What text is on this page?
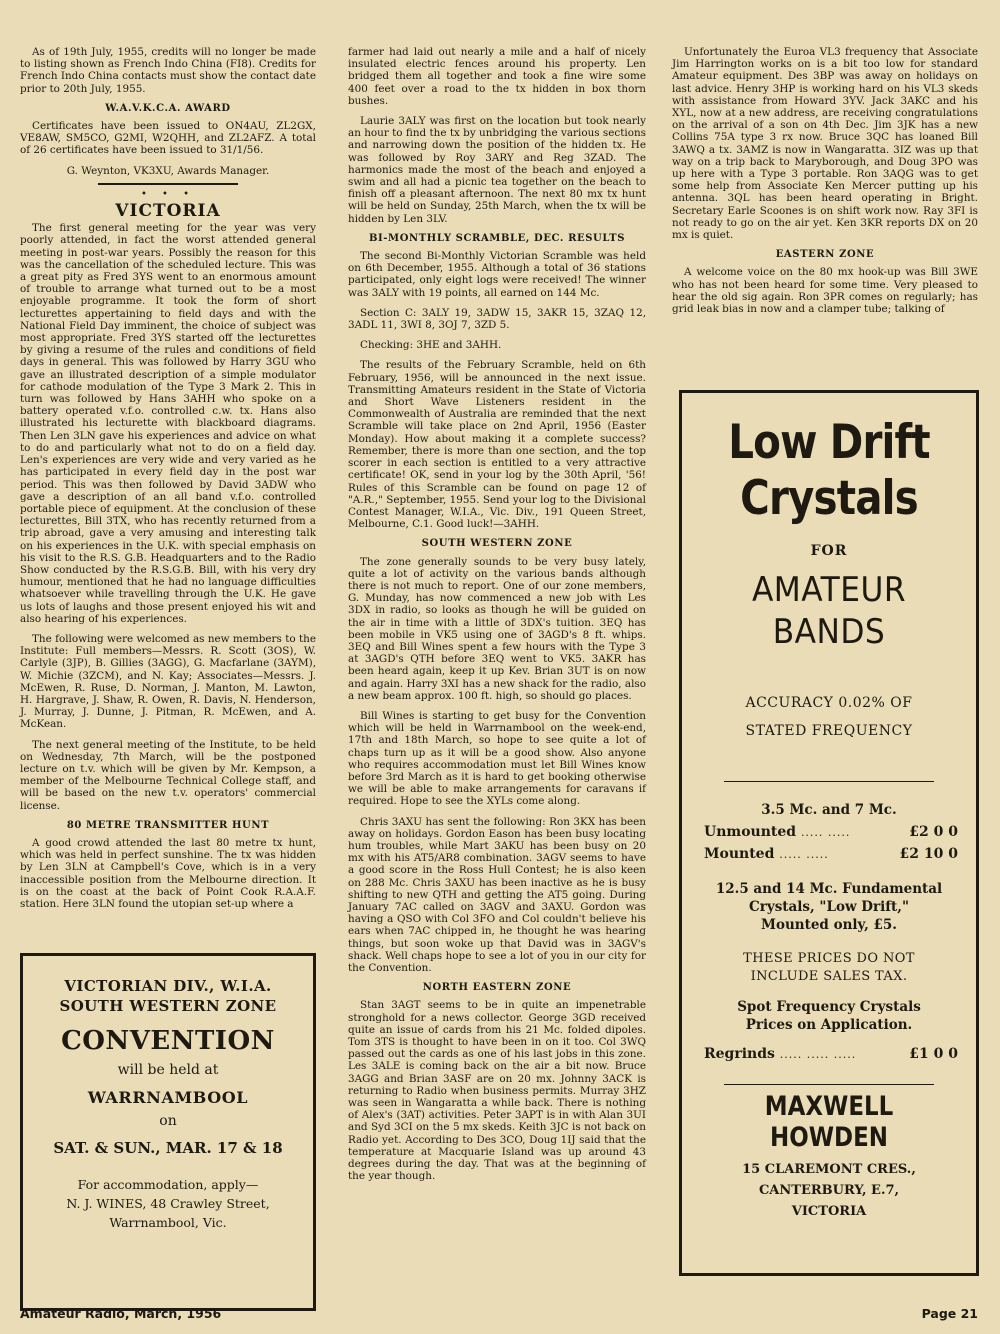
As of 19th July, 1955, credits will no longer be made to listing shown as French Indo China (FI8). Credits for French Indo China contacts must show the contact date prior to 20th July, 1955.

W.A.V.K.C.A. AWARD

Certificates have been issued to ON4AU, ZL2GX, VE8AW, SM5CO, G2MI, W2QHH, and ZL2AFZ. A total of 26 certificates have been issued to 31/1/56.

G. Weynton, VK3XU, Awards Manager.

• • •
VICTORIA

The first general meeting for the year was very poorly attended, in fact the worst attended general meeting in post-war years. Possibly the reason for this was the cancellation of the scheduled lecture. This was a great pity as Fred 3YS went to an enormous amount of trouble to arrange what turned out to be a most enjoyable programme. It took the form of short lecturettes appertaining to field days and with the National Field Day imminent, the choice of subject was most appropriate. Fred 3YS started off the lecturettes by giving a resume of the rules and conditions of field days in general. This was followed by Harry 3GU who gave an illustrated description of a simple modulator for cathode modulation of the Type 3 Mark 2. This in turn was followed by Hans 3AHH who spoke on a battery operated v.f.o. controlled c.w. tx. Hans also illustrated his lecturette with blackboard diagrams. Then Len 3LN gave his experiences and advice on what to do and particularly what not to do on a field day. Len's experiences are very wide and very varied as he has participated in every field day in the post war period. This was then followed by David 3ADW who gave a description of an all band v.f.o. controlled portable piece of equipment. At the conclusion of these lecturettes, Bill 3TX, who has recently returned from a trip abroad, gave a very amusing and interesting talk on his experiences in the U.K. with special emphasis on his visit to the R.S. G.B. Headquarters and to the Radio Show conducted by the R.S.G.B. Bill, with his very dry humour, mentioned that he had no language difficulties whatsoever while travelling through the U.K. He gave us lots of laughs and those present enjoyed his wit and also hearing of his experiences.

The following were welcomed as new members to the Institute: Full members—Messrs. R. Scott (3OS), W. Carlyle (3JP), B. Gillies (3AGG), G. Macfarlane (3AYM), W. Michie (3ZCM), and N. Kay; Associates—Messrs. J. McEwen, R. Ruse, D. Norman, J. Manton, M. Lawton, H. Hargrave, J. Shaw, R. Owen, R. Davis, N. Henderson, J. Murray, J. Dunne, J. Pitman, R. McEwen, and A. McKean.

The next general meeting of the Institute, to be held on Wednesday, 7th March, will be the postponed lecture on t.v. which will be given by Mr. Kempson, a member of the Melbourne Technical College staff, and will be based on the new t.v. operators' commercial license.

80 METRE TRANSMITTER HUNT

A good crowd attended the last 80 metre tx hunt, which was held in perfect sunshine. The tx was hidden by Len 3LN at Campbell's Cove, which is in a very inaccessible position from the Melbourne direction. It is on the coast at the back of Point Cook R.A.A.F. station. Here 3LN found the utopian set-up where a

VICTORIAN DIV., W.I.A.
SOUTH WESTERN ZONE
CONVENTION
will be held at
WARRNAMBOOL
on
SAT. & SUN., MAR. 17 & 18
For accommodation, apply—
N. J. WINES, 48 Crawley Street,
Warrnambool, Vic.

farmer had laid out nearly a mile and a half of nicely insulated electric fences around his property. Len bridged them all together and took a fine wire some 400 feet over a road to the tx hidden in box thorn bushes.

Laurie 3ALY was first on the location but took nearly an hour to find the tx by unbridging the various sections and narrowing down the position of the hidden tx. He was followed by Roy 3ARY and Reg 3ZAD. The harmonics made the most of the beach and enjoyed a swim and all had a picnic tea together on the beach to finish off a pleasant afternoon. The next 80 mx tx hunt will be held on Sunday, 25th March, when the tx will be hidden by Len 3LV.

BI-MONTHLY SCRAMBLE, DEC. RESULTS

The second Bi-Monthly Victorian Scramble was held on 6th December, 1955. Although a total of 36 stations participated, only eight logs were received! The winner was 3ALY with 19 points, all earned on 144 Mc.

Section C: 3ALY 19, 3ADW 15, 3AKR 15, 3ZAQ 12, 3ADL 11, 3WI 8, 3OJ 7, 3ZD 5.

Checking: 3HE and 3AHH.

The results of the February Scramble, held on 6th February, 1956, will be announced in the next issue. Transmitting Amateurs resident in the State of Victoria and Short Wave Listeners resident in the Commonwealth of Australia are reminded that the next Scramble will take place on 2nd April, 1956 (Easter Monday). How about making it a complete success? Remember, there is more than one section, and the top scorer in each section is entitled to a very attractive certificate! OK, send in your log by the 30th April, '56! Rules of this Scramble can be found on page 12 of "A.R.," September, 1955. Send your log to the Divisional Contest Manager, W.I.A., Vic. Div., 191 Queen Street, Melbourne, C.1. Good luck!—3AHH.

SOUTH WESTERN ZONE

The zone generally sounds to be very busy lately, quite a lot of activity on the various bands although there is not much to report. One of our zone members, G. Munday, has now commenced a new job with Les 3DX in radio, so looks as though he will be guided on the air in time with a little of 3DX's tuition. 3EQ has been mobile in VK5 using one of 3AGD's 8 ft. whips. 3EQ and Bill Wines spent a few hours with the Type 3 at 3AGD's QTH before 3EQ went to VK5. 3AKR has been heard again, keep it up Kev. Brian 3UT is on now and again. Harry 3XI has a new shack for the radio, also a new beam approx. 100 ft. high, so should go places.

Bill Wines is starting to get busy for the Convention which will be held in Warrnambool on the week-end, 17th and 18th March, so hope to see quite a lot of chaps turn up as it will be a good show. Also anyone who requires accommodation must let Bill Wines know before 3rd March as it is hard to get booking otherwise we will be able to make arrangements for caravans if required. Hope to see the XYLs come along.

Chris 3AXU has sent the following: Ron 3KX has been away on holidays. Gordon Eason has been busy locating hum troubles, while Mart 3AKU has been busy on 20 mx with his AT5/AR8 combination. 3AGV seems to have a good score in the Ross Hull Contest; he is also keen on 288 Mc. Chris 3AXU has been inactive as he is busy shifting to new QTH and getting the AT5 going. During January 7AC called on 3AGV and 3AXU. Gordon was having a QSO with Col 3FO and Col couldn't believe his ears when 7AC chipped in, he thought he was hearing things, but soon woke up that David was in 3AGV's shack. Well chaps hope to see a lot of you in our city for the Convention.

NORTH EASTERN ZONE

Stan 3AGT seems to be in quite an impenetrable stronghold for a news collector. George 3GD received quite an issue of cards from his 21 Mc. folded dipoles. Tom 3TS is thought to have been in on it too. Col 3WQ passed out the cards as one of his last jobs in this zone. Les 3ALE is coming back on the air a bit now. Bruce 3AGG and Brian 3ASF are on 20 mx. Johnny 3ACK is returning to Radio when business permits. Murray 3HZ was seen in Wangaratta a while back. There is nothing of Alex's (3AT) activities. Peter 3APT is in with Alan 3UI and Syd 3CI on the 5 mx skeds. Keith 3JC is not back on Radio yet. According to Des 3CO, Doug 1IJ said that the temperature at Macquarie Island was up around 43 degrees during the day. That was at the beginning of the year though.

Unfortunately the Euroa VL3 frequency that Associate Jim Harrington works on is a bit too low for standard Amateur equipment. Des 3BP was away on holidays on last advice. Henry 3HP is working hard on his VL3 skeds with assistance from Howard 3YV. Jack 3AKC and his XYL, now at a new address, are receiving congratulations on the arrival of a son on 4th Dec. Jim 3JK has a new Collins 75A type 3 rx now. Bruce 3QC has loaned Bill 3AWQ a tx. 3AMZ is now in Wangaratta. 3IZ was up that way on a trip back to Maryborough, and Doug 3PO was up here with a Type 3 portable. Ron 3AQG was to get some help from Associate Ken Mercer putting up his antenna. 3QL has been heard operating in Bright. Secretary Earle Scoones is on shift work now. Ray 3FI is not ready to go on the air yet. Ken 3KR reports DX on 20 mx is quiet.

EASTERN ZONE

A welcome voice on the 80 mx hook-up was Bill 3WE who has not been heard for some time. Very pleased to hear the old sig again. Ron 3PR comes on regularly; has grid leak bias in now and a clamper tube; talking of

Low Drift
Crystals
FOR
AMATEUR
BANDS
ACCURACY 0.02% OF
STATED FREQUENCY
3.5 Mc. and 7 Mc.
Unmounted ..... .....	£2 0 0
Mounted ..... .....	£2 10 0
12.5 and 14 Mc. Fundamental
Crystals, "Low Drift,"
Mounted only, £5.
THESE PRICES DO NOT
INCLUDE SALES TAX.
Spot Frequency Crystals
Prices on Application.
Regrinds ..... ..... .....	£1 0 0
MAXWELL HOWDEN
15 CLAREMONT CRES.,
CANTERBURY, E.7,
VICTORIA
Amateur Radio, March, 1956	Page 21
